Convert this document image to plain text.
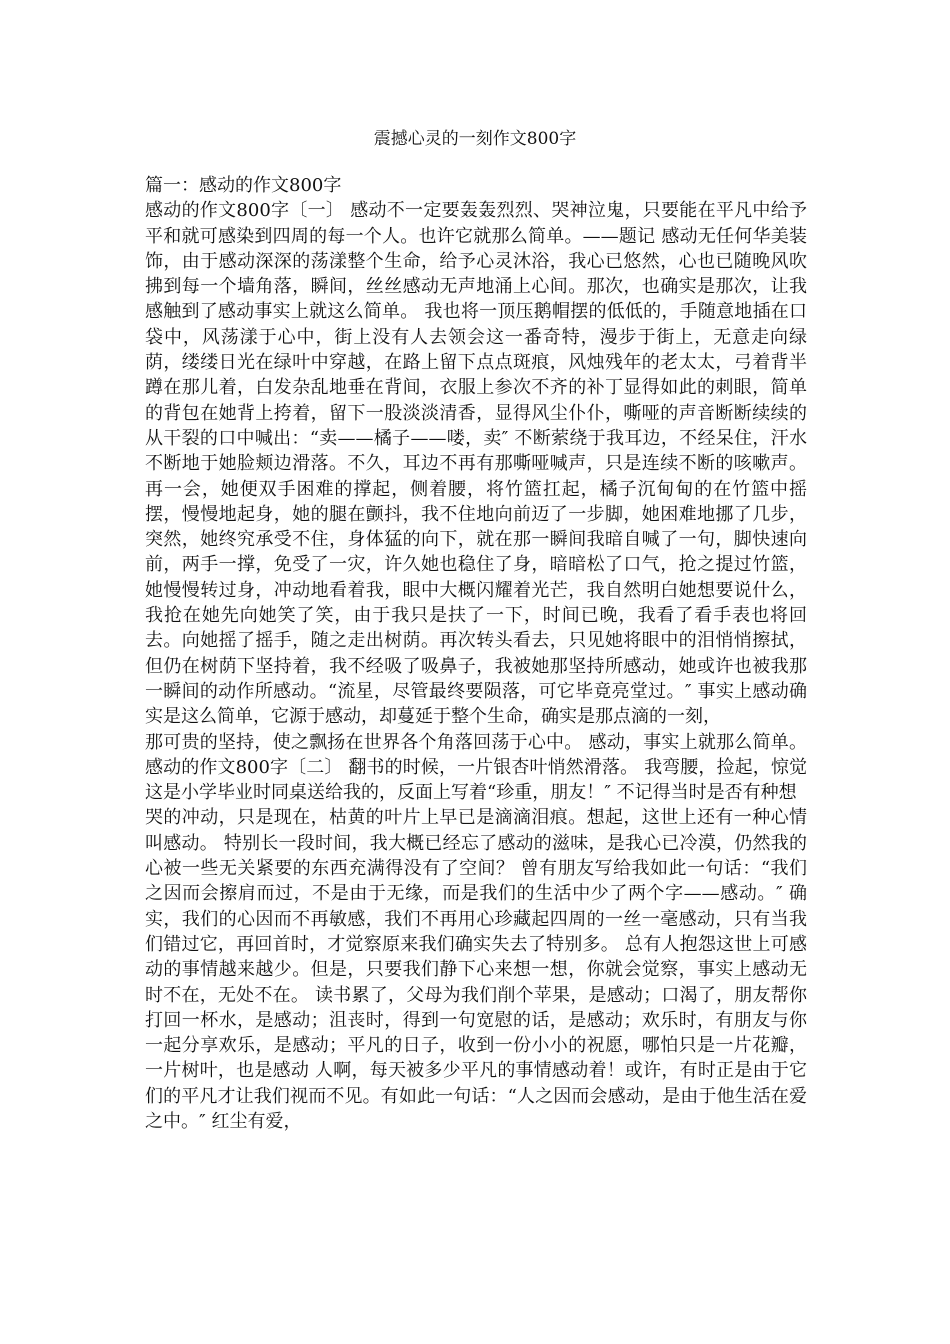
震撼心灵的一刻作文800字

篇一：感动的作文800字

感动的作文800字〔一〕 感动不一定要轰轰烈烈、哭神泣鬼，只要能在平凡中给予平和就可感染到四周的每一个人。也许它就那么简单。——题记 感动无任何华美装饰，由于感动深深的荡漾整个生命，给予心灵沐浴，我心已悠然，心也已随晚风吹拂到每一个墙角落，瞬间，丝丝感动无声地涌上心间。那次，也确实是那次，让我感触到了感动事实上就这么简单。 我也将一顶压鹅帽摆的低低的，手随意地插在口袋中，风荡漾于心中，街上没有人去领会这一番奇特，漫步于街上，无意走向绿荫，缕缕日光在绿叶中穿越，在路上留下点点斑痕，风烛残年的老太太，弓着背半蹲在那儿着，白发杂乱地垂在背间，衣服上参次不齐的补丁显得如此的刺眼，简单的背包在她背上挎着，留下一股淡淡清香，显得风尘仆仆，嘶哑的声音断断续续的从干裂的口中喊出：“卖——橘子——喽，卖″ 不断萦绕于我耳边，不经呆住，汗水不断地于她脸颊边滑落。不久，耳边不再有那嘶哑喊声，只是连续不断的咳嗽声。再一会，她便双手困难的撑起，侧着腰，将竹篮扛起，橘子沉甸甸的在竹篮中摇摆，慢慢地起身，她的腿在颤抖，我不住地向前迈了一步脚，她困难地挪了几步，突然，她终究承受不住，身体猛的向下，就在那一瞬间我暗自喊了一句，脚快速向前，两手一撑，免受了一灾，许久她也稳住了身，暗暗松了口气，抢之提过竹篮，她慢慢转过身，冲动地看着我，眼中大概闪耀着光芒，我自然明白她想要说什么，我抢在她先向她笑了笑，由于我只是扶了一下，时间已晚，我看了看手表也将回去。向她摇了摇手，随之走出树荫。再次转头看去，只见她将眼中的泪悄悄擦拭，但仍在树荫下坚持着，我不经吸了吸鼻子，我被她那坚持所感动，她或许也被我那一瞬间的动作所感动。“流星，尽管最终要陨落，可它毕竟亮堂过。″ 事实上感动确实是这么简单，它源于感动，却蔓延于整个生命，确实是那点滴的一刻，

那可贵的坚持，使之飘扬在世界各个角落回荡于心中。 感动，事实上就那么简单。 感动的作文800字〔二〕 翻书的时候，一片银杏叶悄然滑落。 我弯腰，捡起，惊觉这是小学毕业时同桌送给我的，反面上写着“珍重，朋友！″ 不记得当时是否有种想

哭的冲动，只是现在，枯黄的叶片上早已是滴滴泪痕。想起，这世上还有一种心情叫感动。 特别长一段时间，我大概已经忘了感动的滋味，是我心已冷漠，仍然我的心被一些无关紧要的东西充满得没有了空间？ 曾有朋友写给我如此一句话：“我们之因而会擦肩而过，不是由于无缘，而是我们的生活中少了两个字——感动。″ 确实，我们的心因而不再敏感，我们不再用心珍藏起四周的一丝一毫感动，只有当我们错过它，再回首时，才觉察原来我们确实失去了特别多。 总有人抱怨这世上可感动的事情越来越少。但是，只要我们静下心来想一想，你就会觉察，事实上感动无时不在，无处不在。 读书累了，父母为我们削个苹果，是感动；口渴了，朋友帮你打回一杯水，是感动；沮丧时，得到一句宽慰的话，是感动；欢乐时，有朋友与你一起分享欢乐，是感动；平凡的日子，收到一份小小的祝愿，哪怕只是一片花瓣，一片树叶，也是感动 人啊，每天被多少平凡的事情感动着！或许，有时正是由于它们的平凡才让我们视而不见。有如此一句话：“人之因而会感动，是由于他生活在爱之中。″ 红尘有爱，
